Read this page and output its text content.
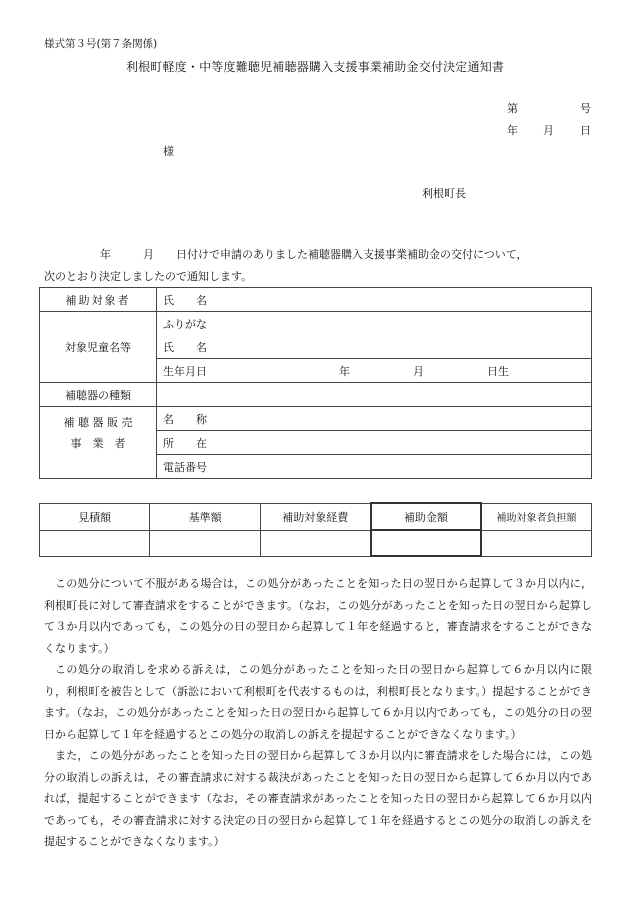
様式第３号(第７条関係)
利根町軽度・中等度難聴児補聴器購入支援事業補助金交付決定通知書
第	号
年 月 日
様
利根町長
年	月 日付けで申請のありました補聴器購入支援事業補助金の交付について，
次のとおり決定しましたので通知します。
補助対象者	氏　　名
対象児童名等	ふりがな
	氏　　名
	生年月日 年 月 日生

補聴器の種類	

補 聴 器 販 売
事　業　者	名　　称
	所　　在
	電話番号
見積額	基準額	補助対象経費	補助金額	補助対象者負担額

この処分について不服がある場合は，この処分があったことを知った日の翌日から起算して３か月以内に，利根町長に対して審査請求をすることができます。（なお，この処分があったことを知った日の翌日から起算して３か月以内であっても，この処分の日の翌日から起算して１年を経過すると，審査請求をすることができなくなります。）

この処分の取消しを求める訴えは，この処分があったことを知った日の翌日から起算して６か月以内に限り，利根町を被告として（訴訟において利根町を代表するものは，利根町長となります。）提起することができます。（なお，この処分があったことを知った日の翌日から起算して６か月以内であっても，この処分の日の翌日から起算して１年を経過するとこの処分の取消しの訴えを提起することができなくなります。）

また，この処分があったことを知った日の翌日から起算して３か月以内に審査請求をした場合には，この処分の取消しの訴えは，その審査請求に対する裁決があったことを知った日の翌日から起算して６か月以内であれば，提起することができます（なお，その審査請求があったことを知った日の翌日から起算して６か月以内であっても，その審査請求に対する決定の日の翌日から起算して１年を経過するとこの処分の取消しの訴えを提起することができなくなります。）
